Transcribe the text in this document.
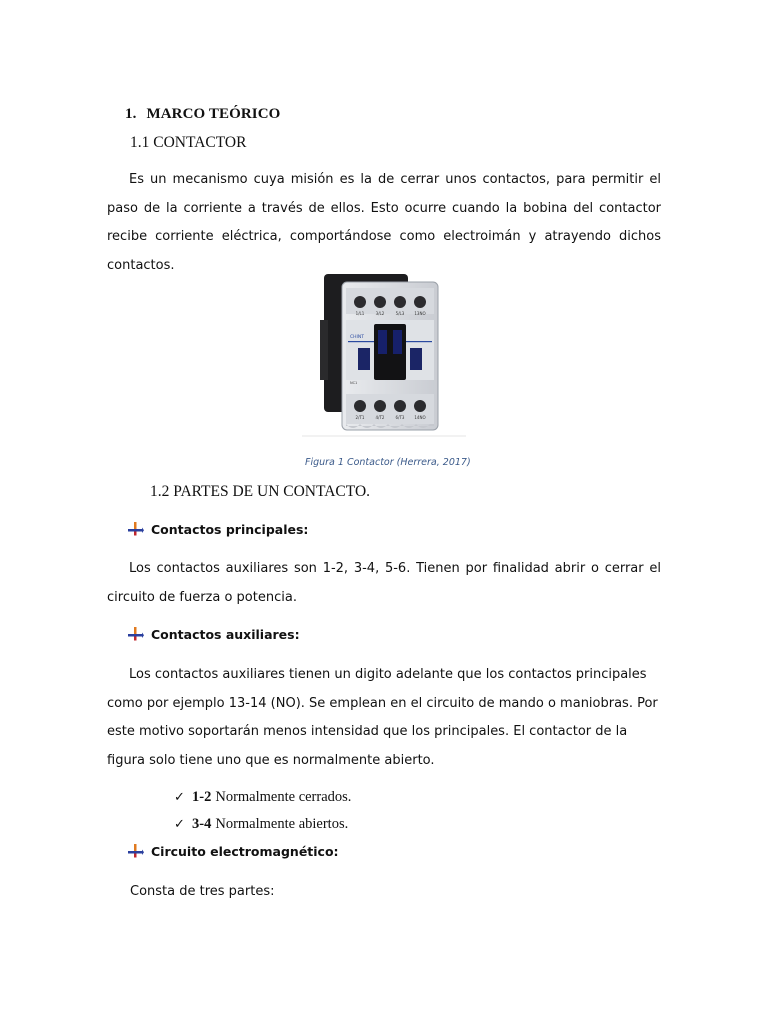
1. MARCO TEÓRICO
1.1 CONTACTOR
Es un mecanismo cuya misión es la de cerrar unos contactos, para permitir el paso de la corriente a través de ellos. Esto ocurre cuando la bobina del contactor recibe corriente eléctrica, comportándose como electroimán y atrayendo dichos contactos.
1/L1	3/L2	5/L3	13NO
CHINT
NC1
2/T1	4/T2	6/T3 14NO
Figura 1 Contactor (Herrera, 2017)
1.2 PARTES DE UN CONTACTO.
Contactos principales:
Los contactos auxiliares son 1-2, 3-4, 5-6. Tienen por finalidad abrir o cerrar el circuito de fuerza o potencia.
Contactos auxiliares:
Los contactos auxiliares tienen un digito adelante que los contactos principales como por ejemplo 13-14 (NO). Se emplean en el circuito de mando o maniobras. Por este motivo soportarán menos intensidad que los principales. El contactor de la figura solo tiene uno que es normalmente abierto.
✓ 1-2 Normalmente cerrados.
✓ 3-4 Normalmente abiertos.
Circuito electromagnético:
Consta de tres partes:
